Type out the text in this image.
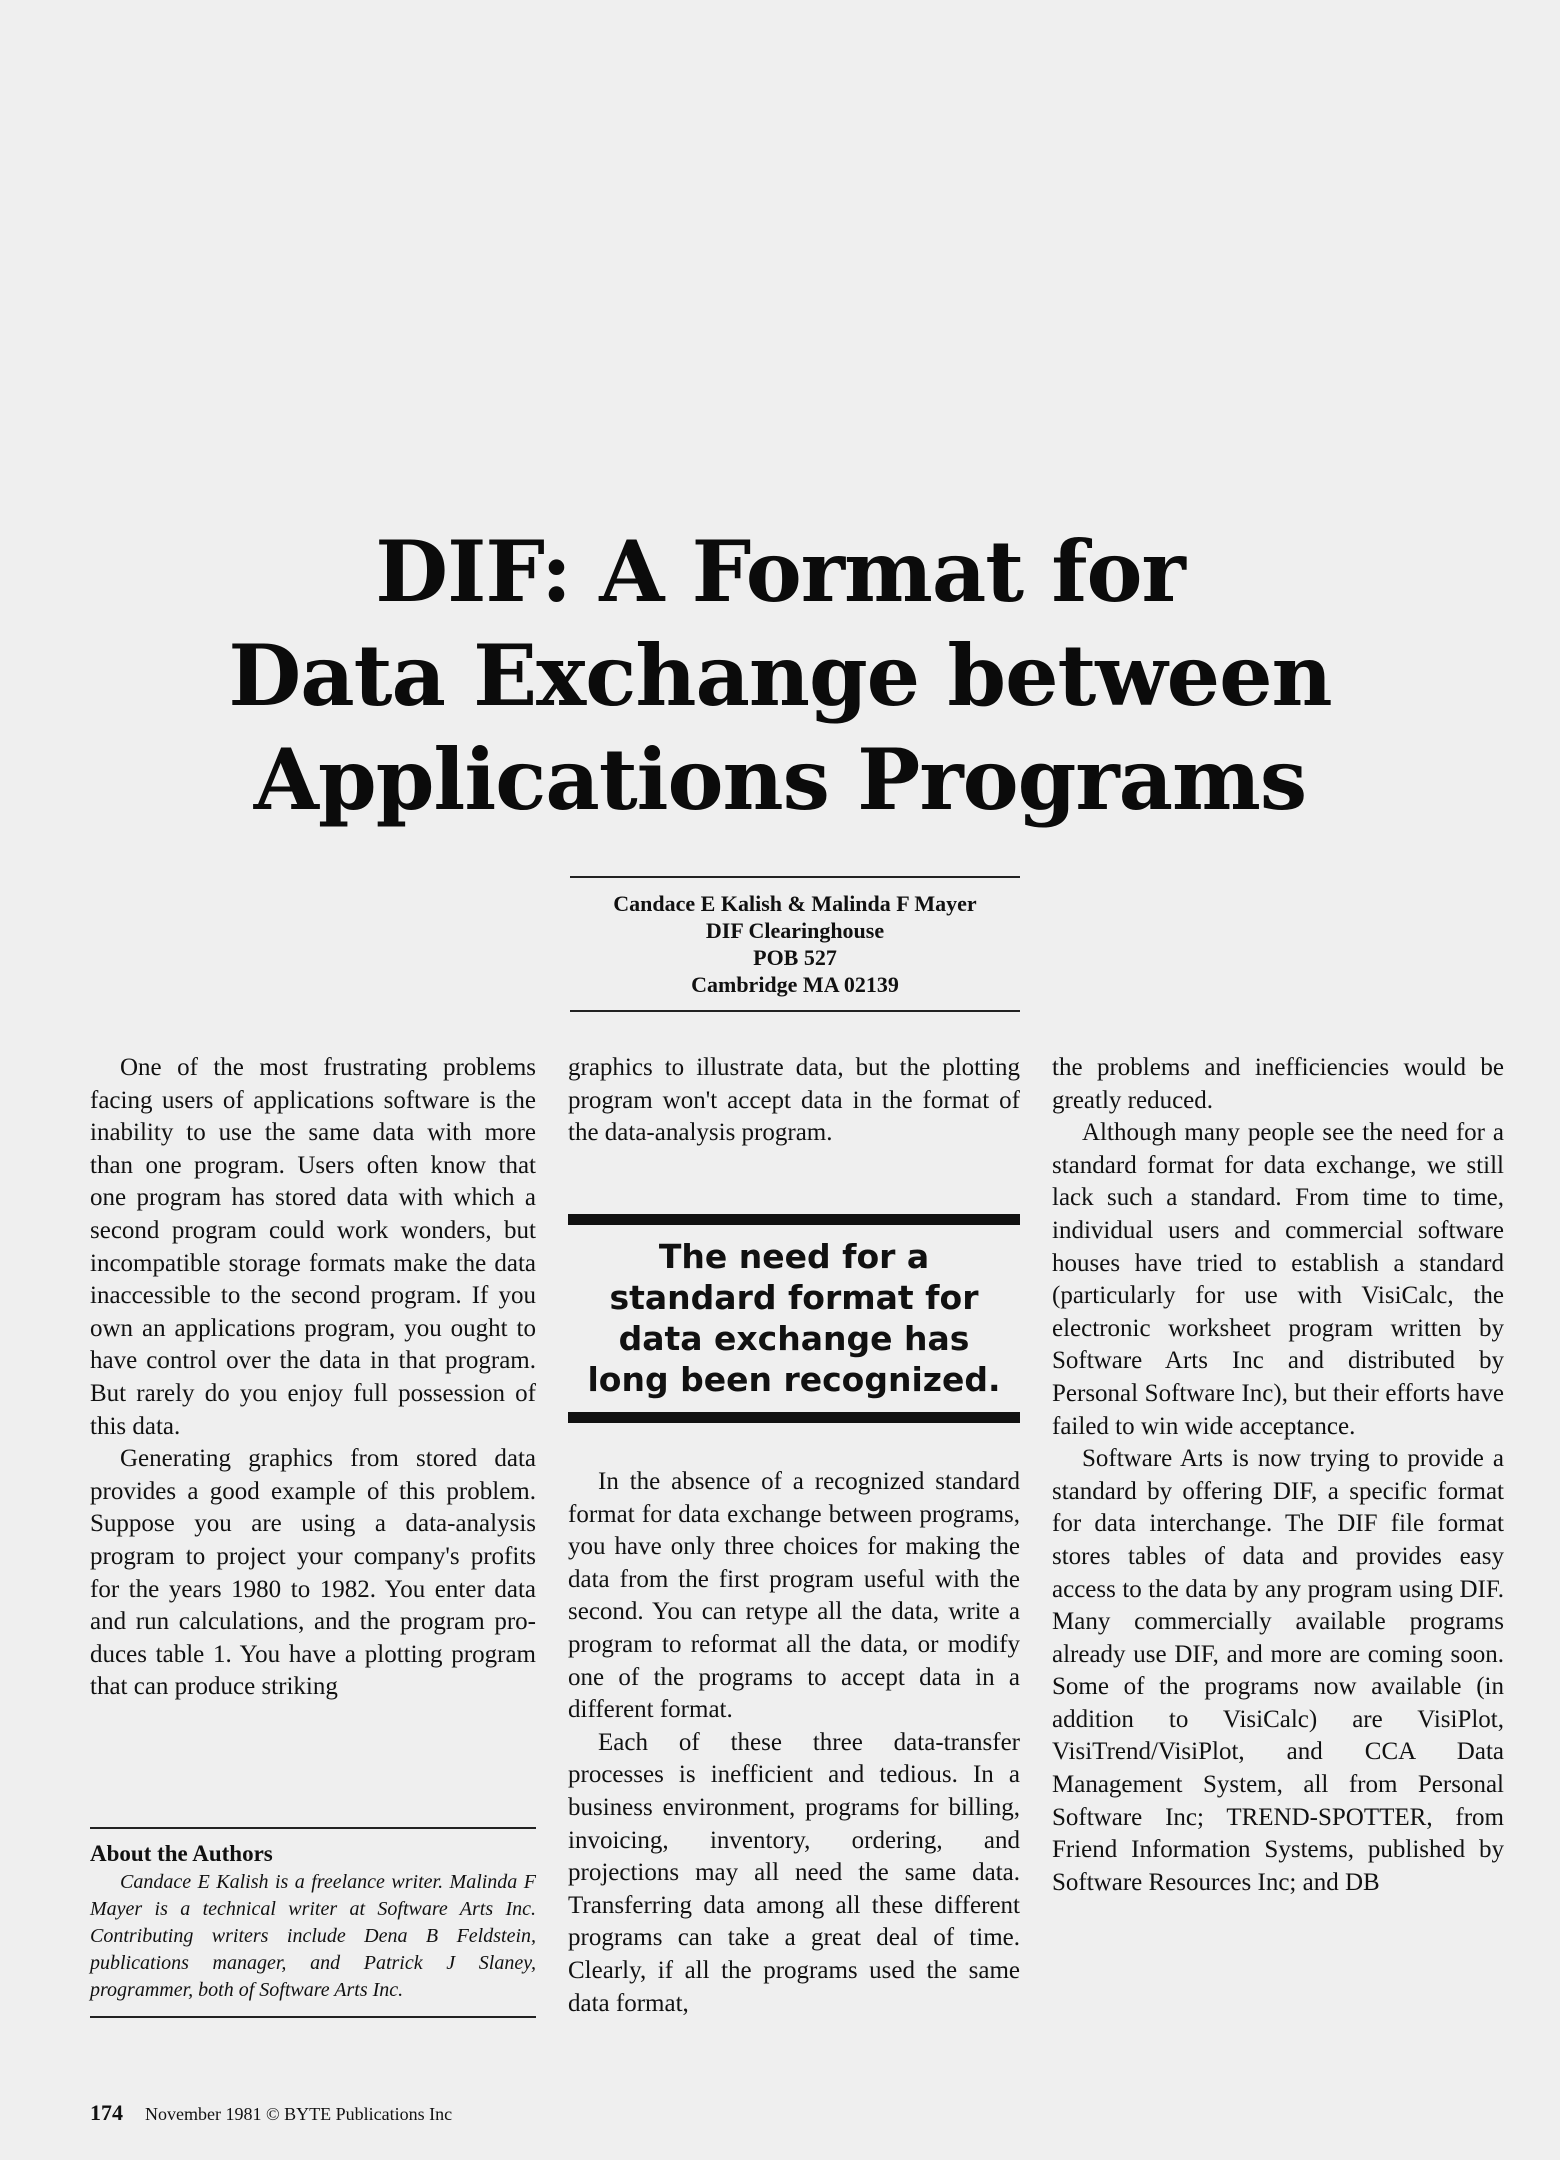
DIF: A Format for
Data Exchange between
Applications Programs
Candace E Kalish & Malinda F Mayer
DIF Clearinghouse
POB 527
Cambridge MA 02139

One of the most frustrating problems facing users of applications software is the inability to use the same data with more than one program. Users often know that one program has stored data with which a second program could work wonders, but incompatible storage formats make the data inaccessible to the second program. If you own an applications program, you ought to have control over the data in that program. But rarely do you enjoy full possession of this data.

Generating graphics from stored data provides a good example of this problem. Suppose you are using a data-analysis program to project your company's profits for the years 1980 to 1982. You enter data and run calculations, and the program produces table 1. You have a plotting program that can produce striking

About the Authors

Candace E Kalish is a freelance writer. Malinda F Mayer is a technical writer at Software Arts Inc. Contributing writers include Dena B Feldstein, publications manager, and Patrick J Slaney, programmer, both of Software Arts Inc.

graphics to illustrate data, but the plotting program won't accept data in the format of the data-analysis program.

The need for a
standard format for
data exchange has
long been recognized.

In the absence of a recognized standard format for data exchange between programs, you have only three choices for making the data from the first program useful with the second. You can retype all the data, write a program to reformat all the data, or modify one of the programs to accept data in a different format.

Each of these three data-transfer processes is inefficient and tedious. In a business environment, programs for billing, invoicing, inventory, ordering, and projections may all need the same data. Transferring data among all these different programs can take a great deal of time. Clearly, if all the programs used the same data format,

the problems and inefficiencies would be greatly reduced.

Although many people see the need for a standard format for data exchange, we still lack such a standard. From time to time, individual users and commercial software houses have tried to establish a standard (particularly for use with VisiCalc, the electronic worksheet program written by Software Arts Inc and distributed by Personal Software Inc), but their efforts have failed to win wide acceptance.

Software Arts is now trying to provide a standard by offering DIF, a specific format for data interchange. The DIF file format stores tables of data and provides easy access to the data by any program using DIF. Many commercially available programs already use DIF, and more are coming soon. Some of the programs now available (in addition to VisiCalc) are VisiPlot, VisiTrend/VisiPlot, and CCA Data Management System, all from Personal Software Inc; TREND-SPOTTER, from Friend Information Systems, published by Software Resources Inc; and DB

174 November 1981 © BYTE Publications Inc
